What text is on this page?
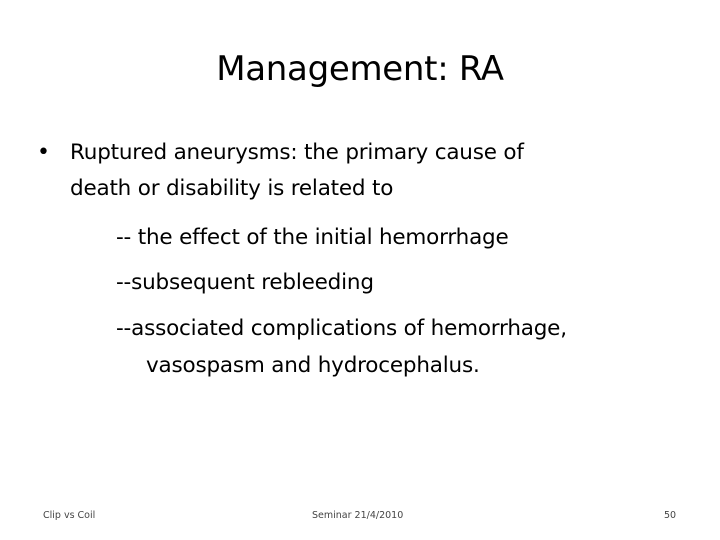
Management: RA
• Ruptured aneurysms: the primary cause of
death or disability is related to
-- the effect of the initial hemorrhage
--subsequent rebleeding
--associated complications of hemorrhage,
vasospasm and hydrocephalus.
Clip vs Coil	Seminar 21/4/2010	50
